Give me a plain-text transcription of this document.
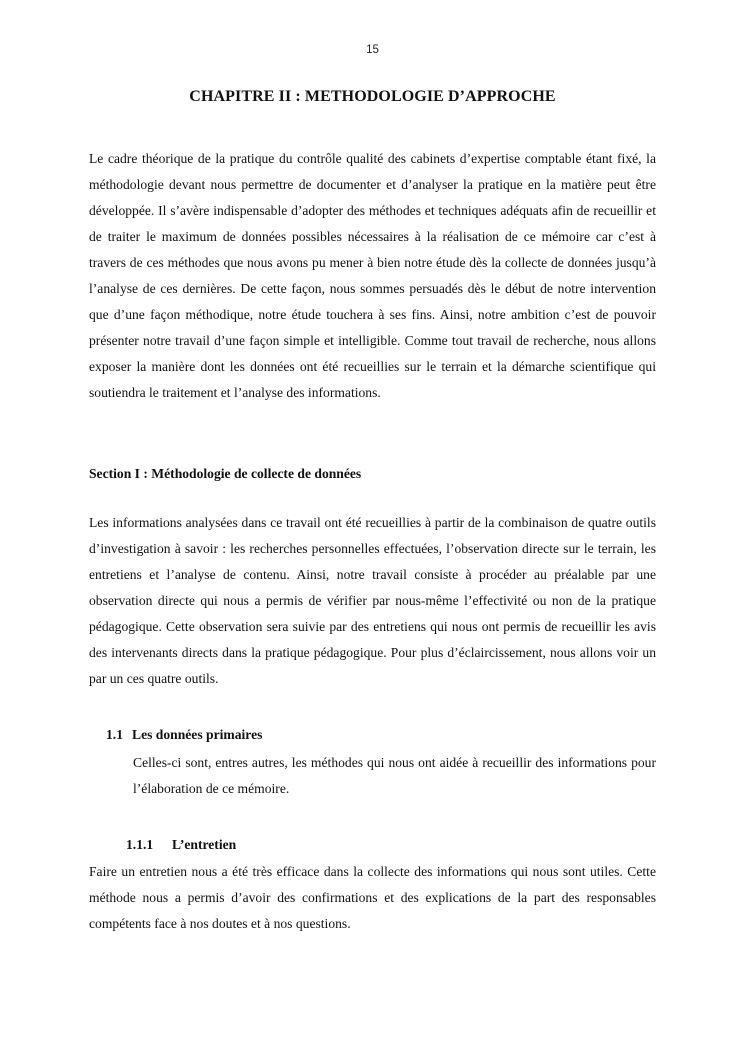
15
CHAPITRE II : METHODOLOGIE D’APPROCHE

Le cadre théorique de la pratique du contrôle qualité des cabinets d’expertise comptable étant fixé, la méthodologie devant nous permettre de documenter et d’analyser la pratique en la matière peut être développée. Il s’avère indispensable d’adopter des méthodes et techniques adéquats afin de recueillir et de traiter le maximum de données possibles nécessaires à la réalisation de ce mémoire car c’est à travers de ces méthodes que nous avons pu mener à bien notre étude dès la collecte de données jusqu’à l’analyse de ces dernières. De cette façon, nous sommes persuadés dès le début de notre intervention que d’une façon méthodique, notre étude touchera à ses fins. Ainsi, notre ambition c’est de pouvoir présenter notre travail d’une façon simple et intelligible. Comme tout travail de recherche, nous allons exposer la manière dont les données ont été recueillies sur le terrain et la démarche scientifique qui soutiendra le traitement et l’analyse des informations.

Section I : Méthodologie de collecte de données

Les informations analysées dans ce travail ont été recueillies à partir de la combinaison de quatre outils d’investigation à savoir : les recherches personnelles effectuées, l’observation directe sur le terrain, les entretiens et l’analyse de contenu. Ainsi, notre travail consiste à procéder au préalable par une observation directe qui nous a permis de vérifier par nous-même l’effectivité ou non de la pratique pédagogique. Cette observation sera suivie par des entretiens qui nous ont permis de recueillir les avis des intervenants directs dans la pratique pédagogique. Pour plus d’éclaircissement, nous allons voir un par un ces quatre outils.

1.1 Les données primaires

Celles-ci sont, entres autres, les méthodes qui nous ont aidée à recueillir des informations pour l’élaboration de ce mémoire.

1.1.1 L’entretien

Faire un entretien nous a été très efficace dans la collecte des informations qui nous sont utiles. Cette méthode nous a permis d’avoir des confirmations et des explications de la part des responsables compétents face à nos doutes et à nos questions.
